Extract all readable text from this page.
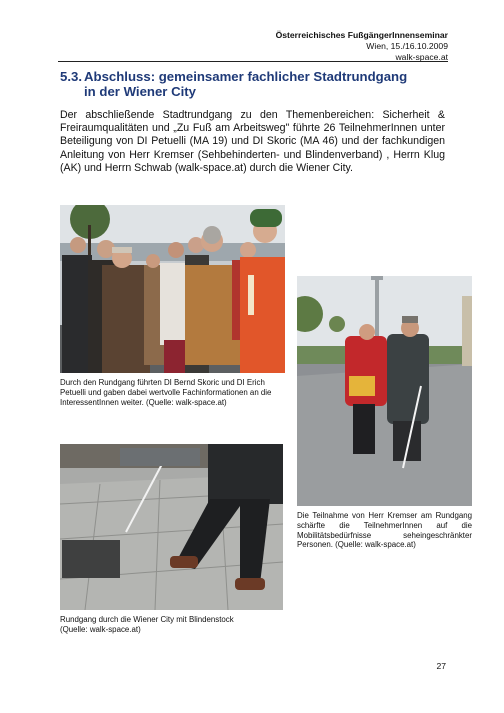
Österreichisches FußgängerInnenseminar
Wien, 15./16.10.2009
walk-space.at
5.3. Abschluss: gemeinsamer fachlicher Stadtrundgang
in der Wiener City
Der abschließende Stadtrundgang zu den Themenbereichen: Sicherheit & Freiraumqualitäten und „Zu Fuß am Arbeitsweg" führte 26 TeilnehmerInnen unter Beteiligung von DI Petuelli (MA 19) und DI Skoric (MA 46) und der fachkundigen Anleitung von Herr Kremser (Sehbehinderten- und Blindenverband) , Herrn Klug (AK) und Herrn Schwab (walk-space.at) durch die Wiener City.
Durch den Rundgang führten DI Bernd Skoric und DI Erich Petuelli und gaben dabei wertvolle Fachinformationen an die InteressentInnen weiter. (Quelle: walk-space.at)
Die Teilnahme von Herr Kremser am Rundgang schärfte die TeilnehmerInnen auf die Mobilitätsbedürfnisse seheingeschränkter Personen. (Quelle: walk-space.at)
Rundgang durch die Wiener City mit Blindenstock
(Quelle: walk-space.at)
27
